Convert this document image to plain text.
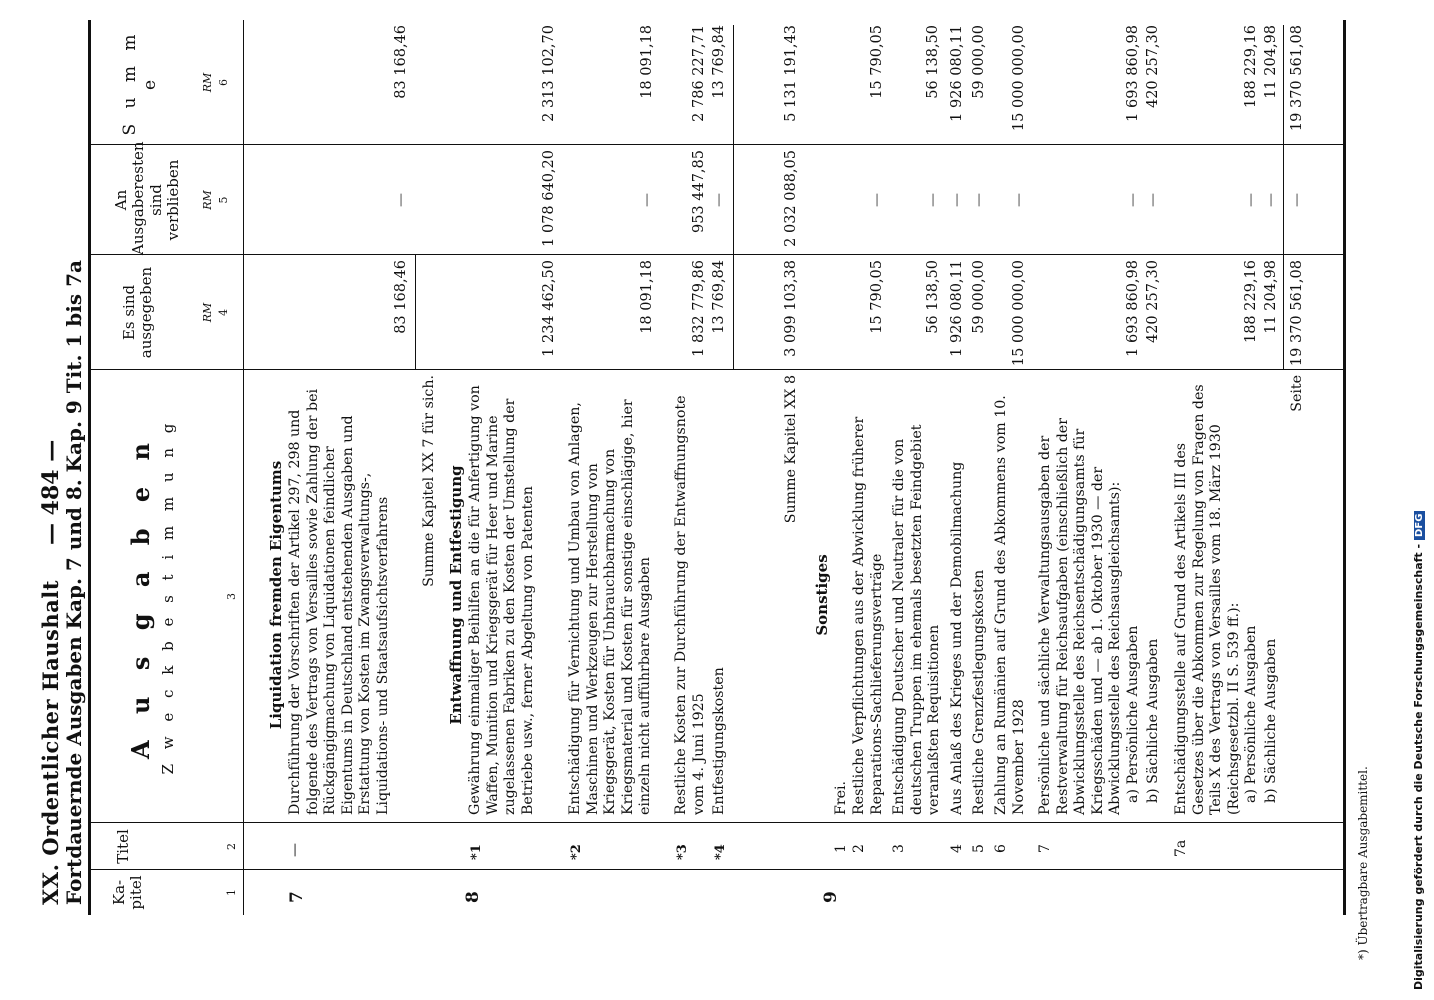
XX. Ordentlicher Haushalt
— 484 —
Fortdauernde Ausgaben Kap. 7 und 8. Kap. 9 Tit. 1 bis 7a Ka-pitel
Titel
A u s g a b e n Z w e c k b e s t i m m u n g
Es sind ausgegeben
An Ausgaberesten sind verblieben
S u m m e
RM
RM
RM
1
2
3
4
5
6
7
—
Liquidation fremden Eigentums Durchführung der Vorschriften der Artikel 297, 298 und folgende des Vertrags von Versailles sowie Zahlung der bei Rückgängigmachung von Liquidationen feindlicher Eigentums in Deutschland entstehenden Ausgaben und Erstattung von Kosten im Zwangsverwaltungs-, Liquidations- und Staatsaufsichtsverfahrens
83 168,46
—
83 168,46
Summe Kapitel XX 7 für sich.
8
Entwaffnung und Entfestigung
*1
Gewährung einmaliger Beihilfen an die für Anfertigung von Waffen, Munition und Kriegsgerät für Heer und Marine zugelassenen Fabriken zu den Kosten der Umstellung der Betriebe usw., ferner Abgeltung von Patenten
1 234 462,50
1 078 640,20
2 313 102,70
*2
Entschädigung für Vernichtung und Umbau von Anlagen, Maschinen und Werkzeugen zur Herstellung von Kriegsgerät, Kosten für Unbrauchbarmachung von Kriegsmaterial und Kosten für sonstige einschlägige, hier einzeln nicht aufführbare Ausgaben
18 091,18
—
18 091,18
*3
Restliche Kosten zur Durchführung der Entwaffnungsnote vom 4. Juni 1925
1 832 779,86
953 447,85
2 786 227,71
*4
Entfestigungskosten
13 769,84
—
13 769,84
Summe Kapitel XX 8
3 099 103,38
2 032 088,05
5 131 191,43
9
Sonstiges
1
Frei.
2
Restliche Verpflichtungen aus der Abwicklung früherer Reparations-Sachlieferungsverträge
15 790,05
—
15 790,05
3
Entschädigung Deutscher und Neutraler für die von deutschen Truppen im ehemals besetzten Feindgebiet veranlaßten Requisitionen
56 138,50
—
56 138,50
4
Aus Anlaß des Krieges und der Demobilmachung
1 926 080,11
—
1 926 080,11
5
Restliche Grenzfestlegungskosten
59 000,00
—
59 000,00
6
Zahlung an Rumänien auf Grund des Abkommens vom 10. November 1928
15 000 000,00
—
15 000 000,00
7
Persönliche und sächliche Verwaltungsausgaben der Restverwaltung für Reichsaufgaben (einschließlich der Abwicklungsstelle des Reichsentschädigungsamts für Kriegsschäden und — ab 1. Oktober 1930 — der Abwicklungsstelle des Reichsausgleichsamts): a) Persönliche Ausgaben
1 693 860,98
—
1 693 860,98
b) Sächliche Ausgaben
420 257,30
—
420 257,30
7a
Entschädigungsstelle auf Grund des Artikels III des Gesetzes über die Abkommen zur Regelung von Fragen des Teils X des Vertrags von Versailles vom 18. März 1930 (Reichsgesetzbl. II S. 539 ff.): a) Persönliche Ausgaben
188 229,16
—
188 229,16
b) Sächliche Ausgaben
11 204,98
—
11 204,98
Seite
19 370 561,08
—
19 370 561,08
*) Übertragbare Ausgabemittel.	Digitalisierung gefördert durch die Deutsche Forschungsgemeinschaft -DFG
